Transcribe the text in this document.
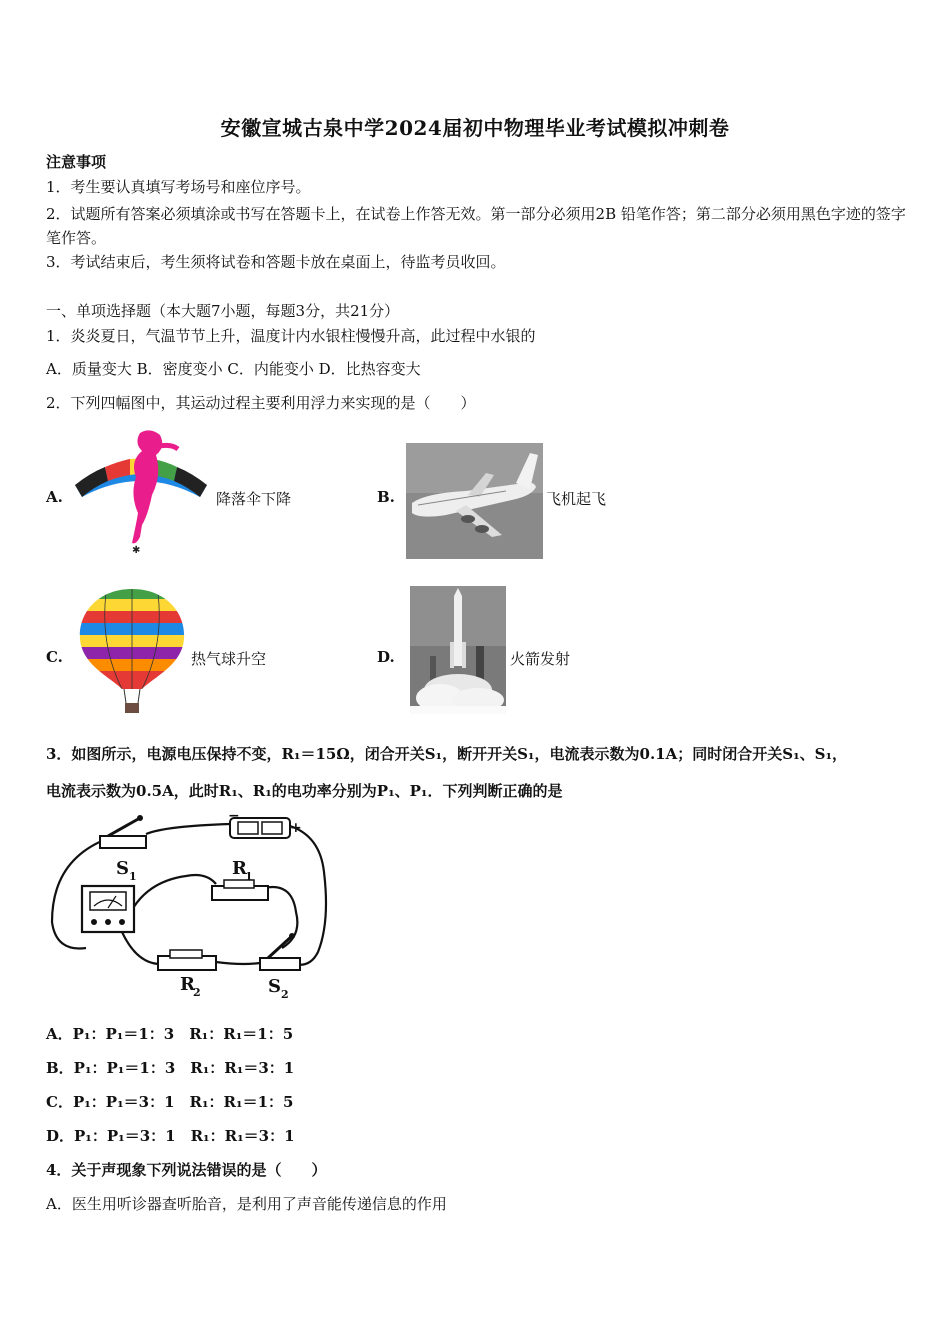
安徽宣城古泉中学2024届初中物理毕业考试模拟冲刺卷
注意事项
1．考生要认真填写考场号和座位序号。
2．试题所有答案必须填涂或书写在答题卡上，在试卷上作答无效。第一部分必须用2B 铅笔作答；第二部分必须用黑色字迹的签字笔作答。
3．考试结束后，考生须将试卷和答题卡放在桌面上，待监考员收回。
一、单项选择题（本大题7小题，每题3分，共21分）
1．炎炎夏日，气温节节上升，温度计内水银柱慢慢升高，此过程中水银的
A．质量变大 B．密度变小 C．内能变小 D．比热容变大
2．下列四幅图中，其运动过程主要利用浮力来实现的是（　　）
A.
✱
降落伞下降	B.	飞机起飞
C.	热气球升空	D.	火箭发射
3．如图所示，电源电压保持不变，R₁＝15Ω，闭合开关S₁，断开开关S₁，电流表示数为0.1A；同时闭合开关S₁、S₁，
电流表示数为0.5A，此时R₁、R₁的电功率分别为P₁、P₁．下列判断正确的是
S 1
−
+
R
1
R
2	S 2
A．P₁：P₁＝1：3　R₁：R₁＝1：5
B．P₁：P₁＝1：3　R₁：R₁＝3：1
C．P₁：P₁＝3：1　R₁：R₁＝1：5
D．P₁：P₁＝3：1　R₁：R₁＝3：1
4．关于声现象下列说法错误的是（　　）
A．医生用听诊器查听胎音，是利用了声音能传递信息的作用
